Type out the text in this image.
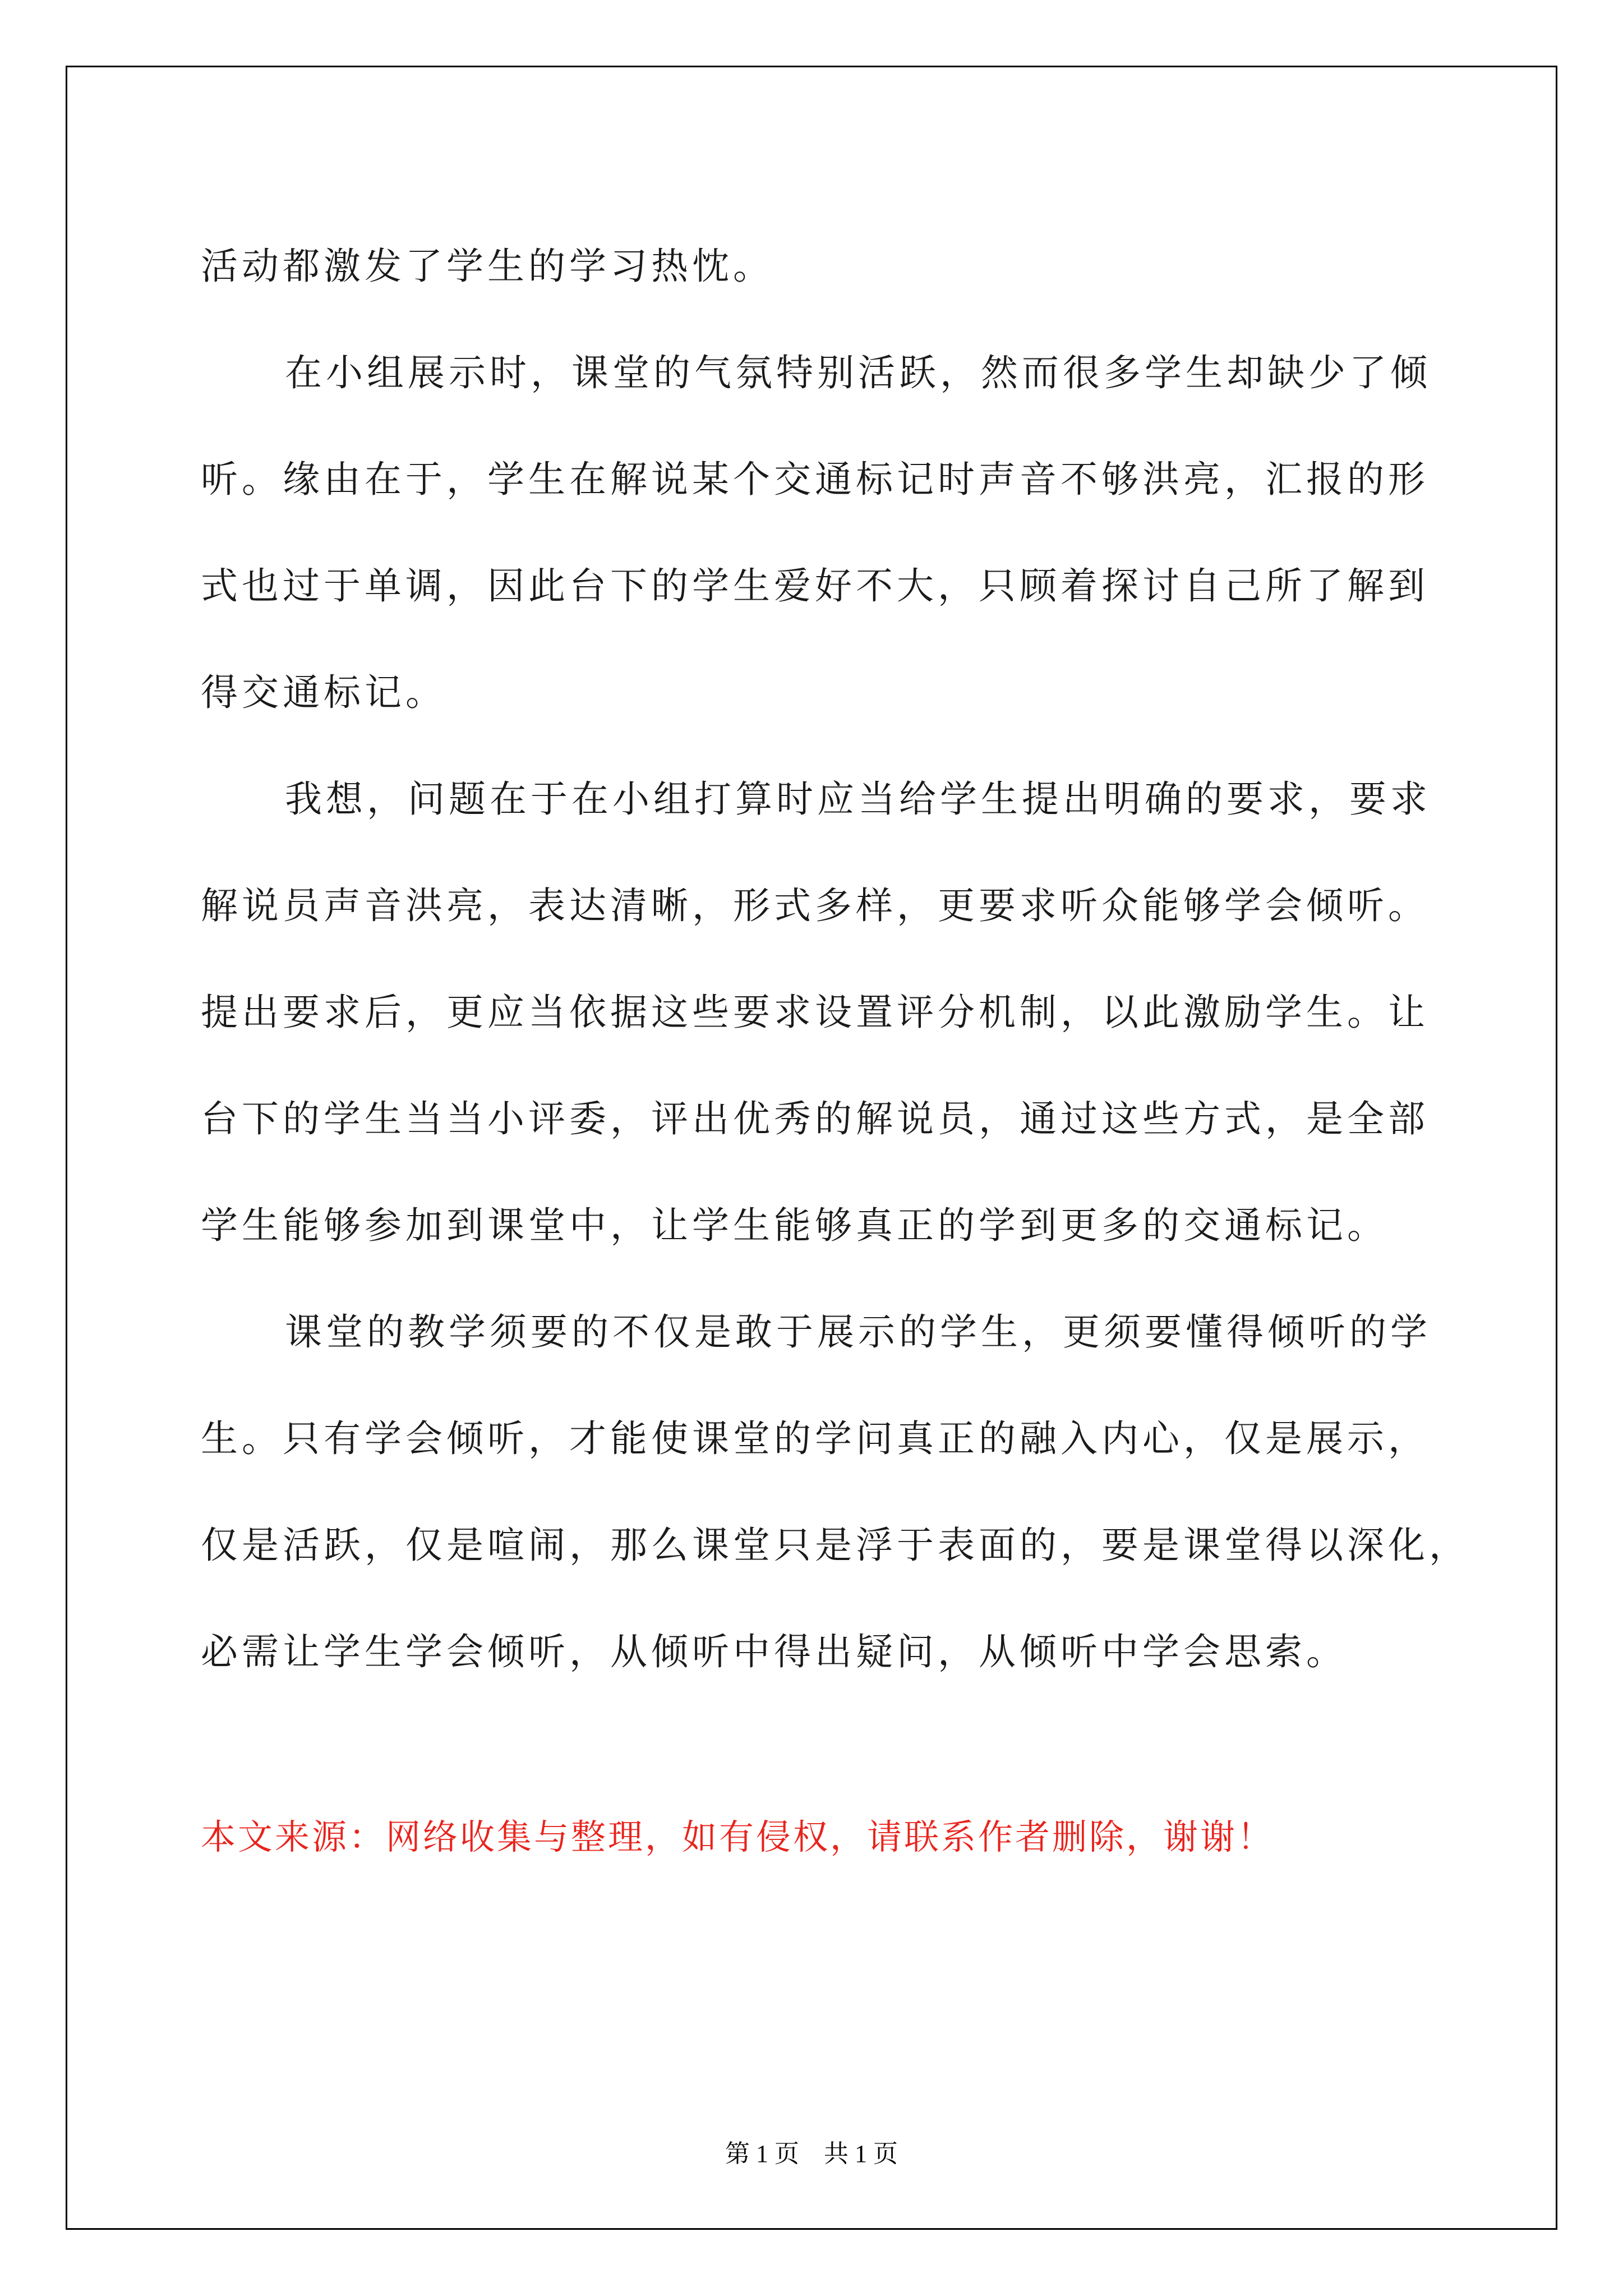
活动都激发了学生的学习热忱。
在小组展示时，课堂的气氛特别活跃，然而很多学生却缺少了倾
听。缘由在于，学生在解说某个交通标记时声音不够洪亮，汇报的形
式也过于单调，因此台下的学生爱好不大，只顾着探讨自己所了解到
得交通标记。
我想，问题在于在小组打算时应当给学生提出明确的要求，要求
解说员声音洪亮，表达清晰，形式多样，更要求听众能够学会倾听。
提出要求后，更应当依据这些要求设置评分机制，以此激励学生。让
台下的学生当当小评委，评出优秀的解说员，通过这些方式，是全部
学生能够参加到课堂中，让学生能够真正的学到更多的交通标记。
课堂的教学须要的不仅是敢于展示的学生，更须要懂得倾听的学
生。只有学会倾听，才能使课堂的学问真正的融入内心，仅是展示，
仅是活跃，仅是喧闹，那么课堂只是浮于表面的，要是课堂得以深化，
必需让学生学会倾听，从倾听中得出疑问，从倾听中学会思索。
本文来源：网络收集与整理，如有侵权，请联系作者删除，谢谢！
第 1 页　共 1 页
